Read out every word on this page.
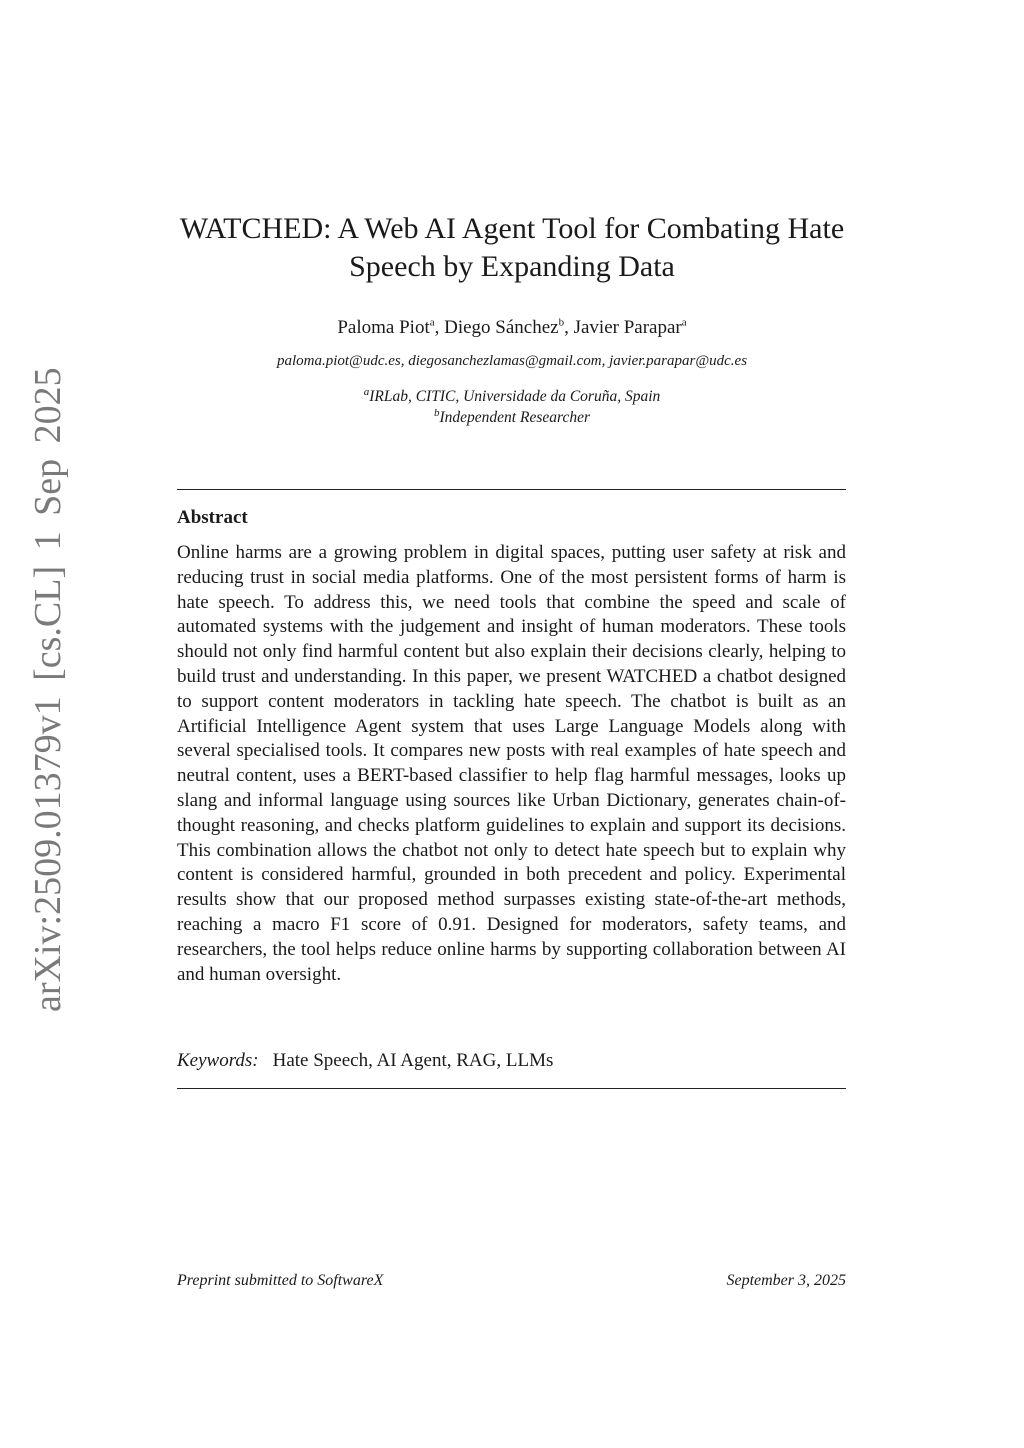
arXiv:2509.01379v1 [cs.CL] 1 Sep 2025
WATCHED: A Web AI Agent Tool for Combating Hate Speech by Expanding Data
Paloma Piot$^a$, Diego Sánchez$^b$, Javier Parapar$^a$
paloma.piot@udc.es, diegosanchezlamas@gmail.com, javier.parapar@udc.es
$^a$IRLab, CITIC, Universidade da Coruña, Spain
$^b$Independent Researcher
Abstract

Online harms are a growing problem in digital spaces, putting user safety at risk and reducing trust in social media platforms. One of the most persistent forms of harm is hate speech. To address this, we need tools that combine the speed and scale of automated systems with the judgement and insight of human moderators. These tools should not only find harmful content but also explain their decisions clearly, helping to build trust and understanding. In this paper, we present WATCHED a chatbot designed to support content moderators in tackling hate speech. The chatbot is built as an Artificial Intelligence Agent system that uses Large Language Models along with several specialised tools. It compares new posts with real examples of hate speech and neutral content, uses a BERT-based classifier to help flag harmful messages, looks up slang and informal language using sources like Urban Dictionary, generates chain-of-thought reasoning, and checks platform guidelines to explain and support its decisions. This combination allows the chatbot not only to detect hate speech but to explain why content is considered harmful, grounded in both precedent and policy. Experimental results show that our proposed method surpasses existing state-of-the-art methods, reaching a macro F1 score of 0.91. Designed for moderators, safety teams, and researchers, the tool helps reduce online harms by supporting collaboration between AI and human oversight.

Keywords: Hate Speech, AI Agent, RAG, LLMs
Preprint submitted to SoftwareX	September 3, 2025
